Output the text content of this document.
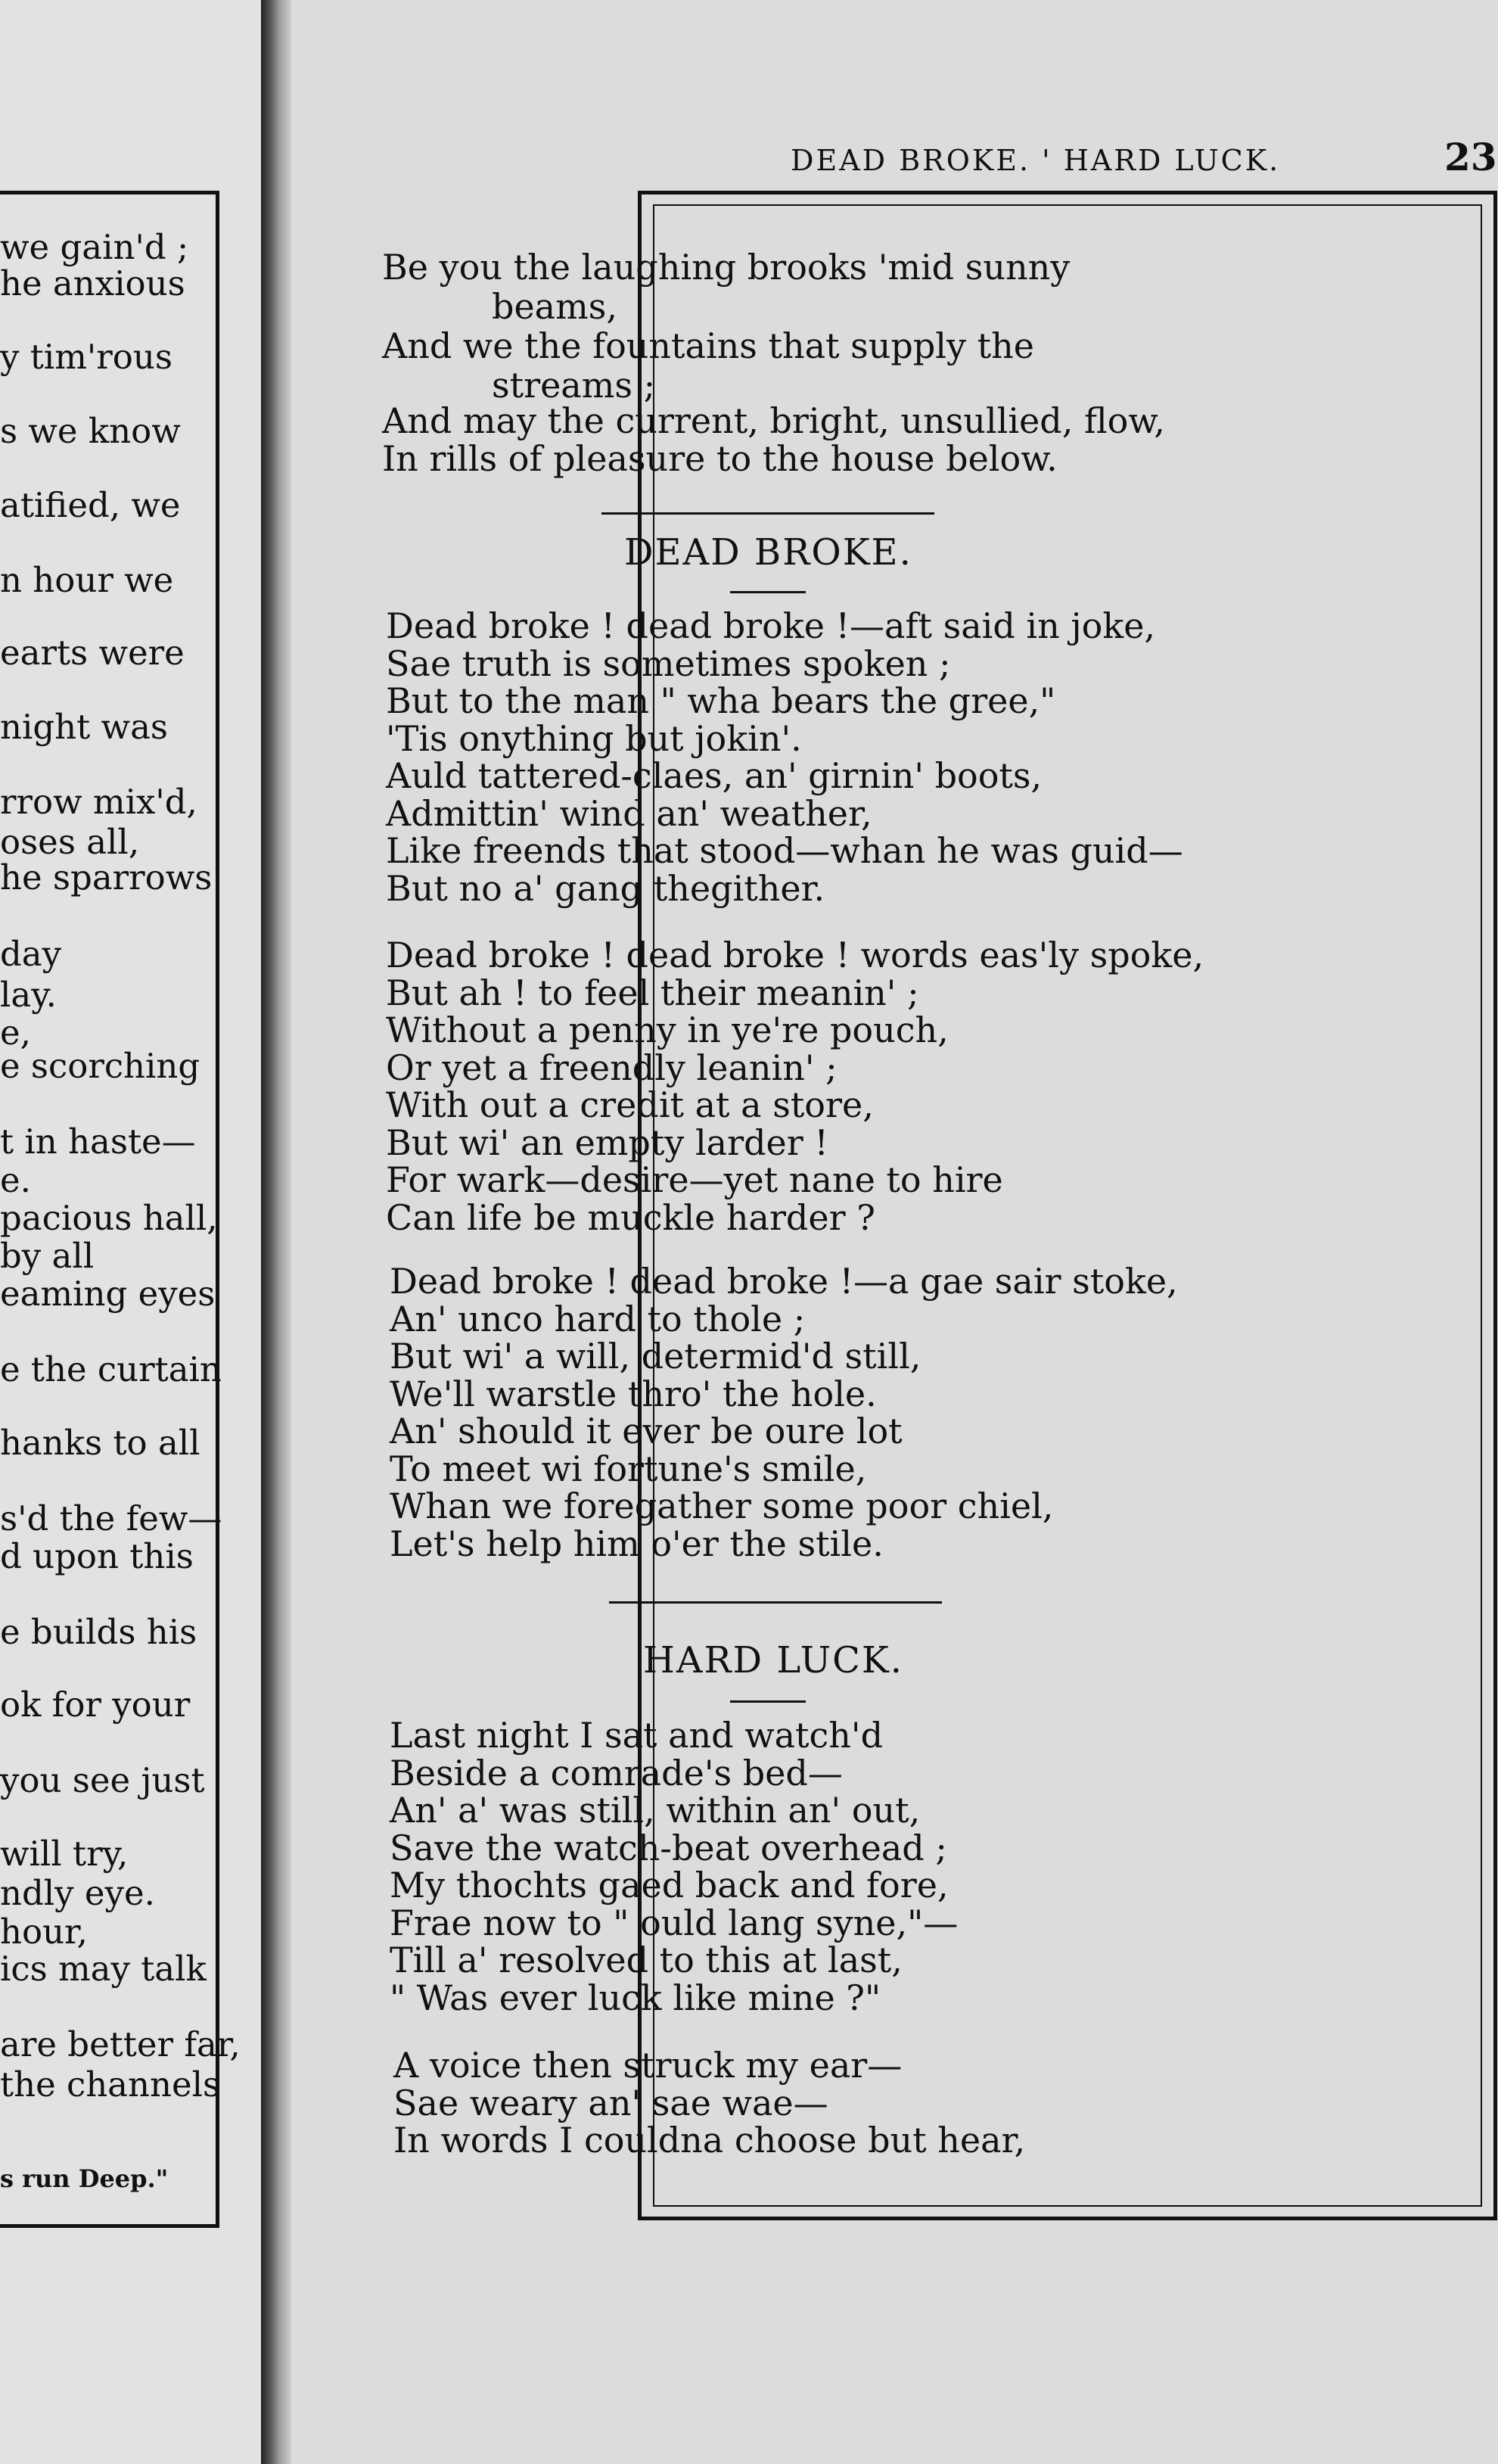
we gain'd ;
he anxious
y tim'rous
s we know
atified, we
n hour we
earts were
night was
rrow mix'd,
oses all,
he sparrows
day
lay.
e,
e scorching
t in haste—
e.
pacious hall,
by all
eaming eyes
e the curtain
hanks to all
s'd the few—
d upon this
e builds his
ok for your
you see just
will try,
ndly eye.
hour,
ics may talk
are better far,
the channels
s run Deep."
DEAD BROKE. ' HARD LUCK.	23
Be you the laughing brooks 'mid sunny
beams,
And we the fountains that supply the
streams ;
And may the current, bright, unsullied, flow,
In rills of pleasure to the house below.
DEAD BROKE.
Dead broke ! dead broke !—aft said in joke,
Sae truth is sometimes spoken ;
But to the man " wha bears the gree,"
'Tis onything but jokin'.
Auld tattered-claes, an' girnin' boots,
Admittin' wind an' weather,
Like freends that stood—whan he was guid—
But no a' gang thegither.
Dead broke ! dead broke ! words eas'ly spoke,
But ah ! to feel their meanin' ;
Without a penny in ye're pouch,
Or yet a freendly leanin' ;
With out a credit at a store,
But wi' an empty larder !
For wark—desire—yet nane to hire
Can life be muckle harder ?
Dead broke ! dead broke !—a gae sair stoke,
An' unco hard to thole ;
But wi' a will, determid'd still,
We'll warstle thro' the hole.
An' should it ever be oure lot
To meet wi fortune's smile,
Whan we foregather some poor chiel,
Let's help him o'er the stile.
HARD LUCK.
Last night I sat and watch'd
Beside a comrade's bed—
An' a' was still, within an' out,
Save the watch-beat overhead ;
My thochts gaed back and fore,
Frae now to " ould lang syne,"—
Till a' resolved to this at last,
" Was ever luck like mine ?"
A voice then struck my ear—
Sae weary an' sae wae—
In words I couldna choose but hear,
